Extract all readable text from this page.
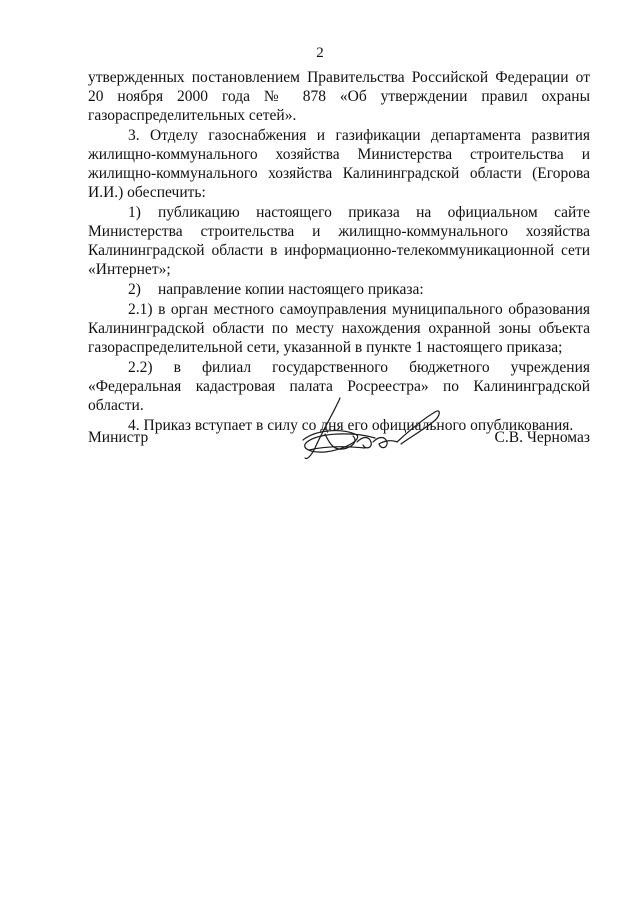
2

утвержденных постановлением Правительства Российской Федерации от 20 ноября 2000 года № 878 «Об утверждении правил охраны газораспределительных сетей».

3. Отделу газоснабжения и газификации департамента развития жилищно-коммунального хозяйства Министерства строительства и жилищно-коммунального хозяйства Калининградской области (Егорова И.И.) обеспечить:

1) публикацию настоящего приказа на официальном сайте Министерства строительства и жилищно-коммунального хозяйства Калининградской области в информационно-телекоммуникационной сети «Интернет»;

2) направление копии настоящего приказа:

2.1) в орган местного самоуправления муниципального образования Калининградской области по месту нахождения охранной зоны объекта газораспределительной сети, указанной в пункте 1 настоящего приказа;

2.2) в филиал государственного бюджетного учреждения «Федеральная кадастровая палата Росреестра» по Калининградской области.

4. Приказ вступает в силу со дня его официального опубликования.

Министр	С.В. Черномаз
